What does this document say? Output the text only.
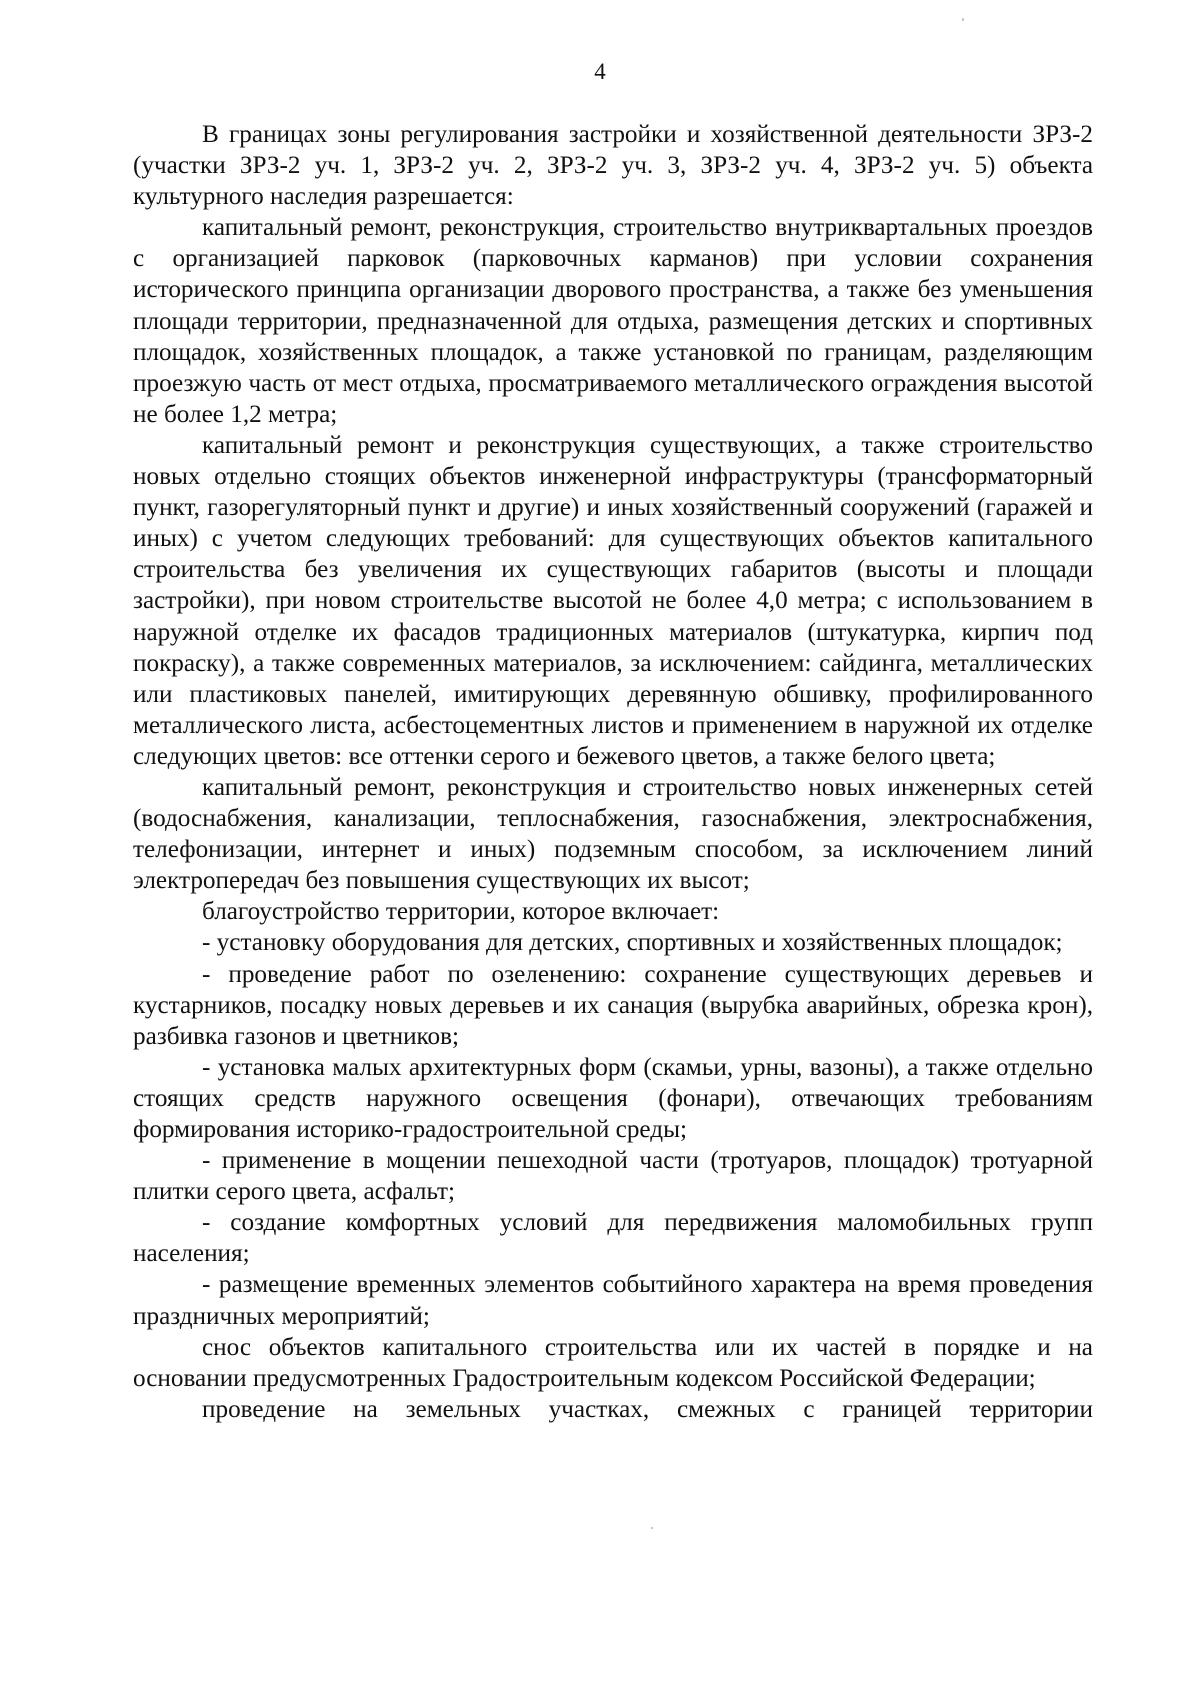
4

В границах зоны регулирования застройки и хозяйственной деятельности ЗРЗ-2 (участки ЗРЗ-2 уч. 1, ЗРЗ-2 уч. 2, ЗРЗ-2 уч. 3, ЗРЗ-2 уч. 4, ЗРЗ-2 уч. 5) объекта культурного наследия разрешается:

капитальный ремонт, реконструкция, строительство внутриквартальных проездов с организацией парковок (парковочных карманов) при условии сохранения исторического принципа организации дворового пространства, а также без уменьшения площади территории, предназначенной для отдыха, размещения детских и спортивных площадок, хозяйственных площадок, а также установкой по границам, разделяющим проезжую часть от мест отдыха, просматриваемого металлического ограждения высотой не более 1,2 метра;

капитальный ремонт и реконструкция существующих, а также строительство новых отдельно стоящих объектов инженерной инфраструктуры (трансформаторный пункт, газорегуляторный пункт и другие) и иных хозяйственный сооружений (гаражей и иных) с учетом следующих требований: для существующих объектов капитального строительства без увеличения их существующих габаритов (высоты и площади застройки), при новом строительстве высотой не более 4,0 метра; с использованием в наружной отделке их фасадов традиционных материалов (штукатурка, кирпич под покраску), а также современных материалов, за исключением: сайдинга, металлических или пластиковых панелей, имитирующих деревянную обшивку, профилированного металлического листа, асбестоцементных листов и применением в наружной их отделке следующих цветов: все оттенки серого и бежевого цветов, а также белого цвета;

капитальный ремонт, реконструкция и строительство новых инженерных сетей (водоснабжения, канализации, теплоснабжения, газоснабжения, электроснабжения, телефонизации, интернет и иных) подземным способом, за исключением линий электропередач без повышения существующих их высот;

благоустройство территории, которое включает:

- установку оборудования для детских, спортивных и хозяйственных площадок;

- проведение работ по озеленению: сохранение существующих деревьев и кустарников, посадку новых деревьев и их санация (вырубка аварийных, обрезка крон), разбивка газонов и цветников;

- установка малых архитектурных форм (скамьи, урны, вазоны), а также отдельно стоящих средств наружного освещения (фонари), отвечающих требованиям формирования историко-градостроительной среды;

- применение в мощении пешеходной части (тротуаров, площадок) тротуарной плитки серого цвета, асфальт;

- создание комфортных условий для передвижения маломобильных групп населения;

- размещение временных элементов событийного характера на время проведения праздничных мероприятий;

снос объектов капитального строительства или их частей в порядке и на основании предусмотренных Градостроительным кодексом Российской Федерации;

проведение на земельных участках, смежных с границей территории
